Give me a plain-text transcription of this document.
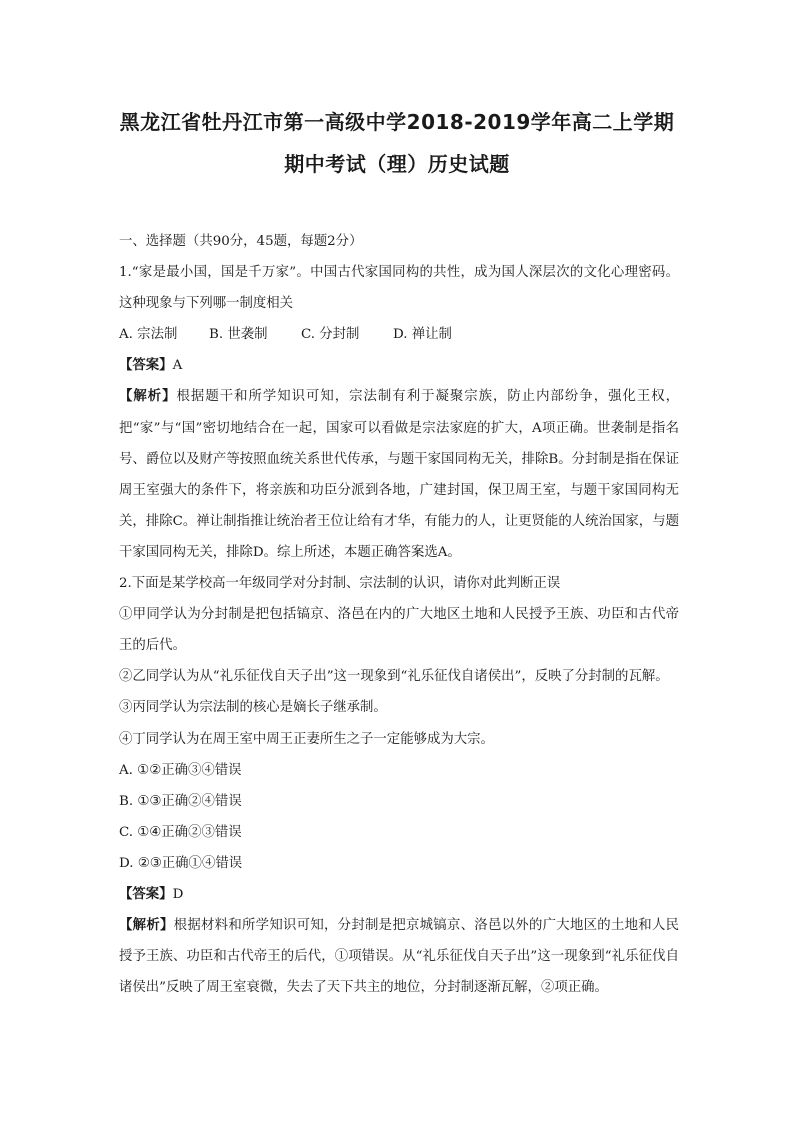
黑龙江省牡丹江市第一高级中学2018-2019学年高二上学期
期中考试（理）历史试题

一、选择题（共90分，45题，每题2分）

1.“家是最小国，国是千万家”。中国古代家国同构的共性，成为国人深层次的文化心理密码。这种现象与下列哪一制度相关

A. 宗法制 B. 世袭制 C. 分封制	D. 禅让制

【答案】A

【解析】根据题干和所学知识可知，宗法制有利于凝聚宗族，防止内部纷争，强化王权，把“家”与“国”密切地结合在一起，国家可以看做是宗法家庭的扩大，A项正确。世袭制是指名号、爵位以及财产等按照血统关系世代传承，与题干家国同构无关，排除B。分封制是指在保证周王室强大的条件下，将亲族和功臣分派到各地，广建封国，保卫周王室，与题干家国同构无关，排除C。禅让制指推让统治者王位让给有才华，有能力的人，让更贤能的人统治国家，与题干家国同构无关，排除D。综上所述，本题正确答案选A。

2.下面是某学校高一年级同学对分封制、宗法制的认识，请你对此判断正误

①甲同学认为分封制是把包括镐京、洛邑在内的广大地区土地和人民授予王族、功臣和古代帝王的后代。

②乙同学认为从“礼乐征伐自天子出”这一现象到“礼乐征伐自诸侯出”，反映了分封制的瓦解。

③丙同学认为宗法制的核心是嫡长子继承制。

④丁同学认为在周王室中周王正妻所生之子一定能够成为大宗。

A. ①②正确③④错误

B. ①③正确②④错误

C. ①④正确②③错误

D. ②③正确①④错误

【答案】D

【解析】根据材料和所学知识可知，分封制是把京城镐京、洛邑以外的广大地区的土地和人民授予王族、功臣和古代帝王的后代，①项错误。从“礼乐征伐自天子出”这一现象到“礼乐征伐自诸侯出”反映了周王室衰微，失去了天下共主的地位，分封制逐渐瓦解，②项正确。
